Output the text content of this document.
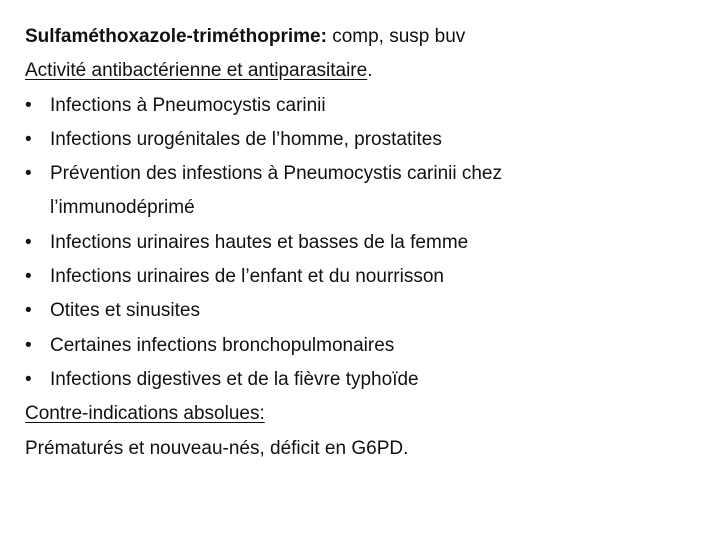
Sulfaméthoxazole-triméthoprime: comp, susp buv
Activité antibactérienne et antiparasitaire.
• Infections à Pneumocystis carinii
• Infections urogénitales de l’homme, prostatites
• Prévention des infestions à Pneumocystis carinii chez l’immunodéprimé
• Infections urinaires hautes et basses de la femme
• Infections urinaires de l’enfant et du nourrisson
• Otites et sinusites
• Certaines infections bronchopulmonaires
• Infections digestives et de la fièvre typhoïde
Contre-indications absolues:
Prématurés et nouveau-nés, déficit en G6PD.
